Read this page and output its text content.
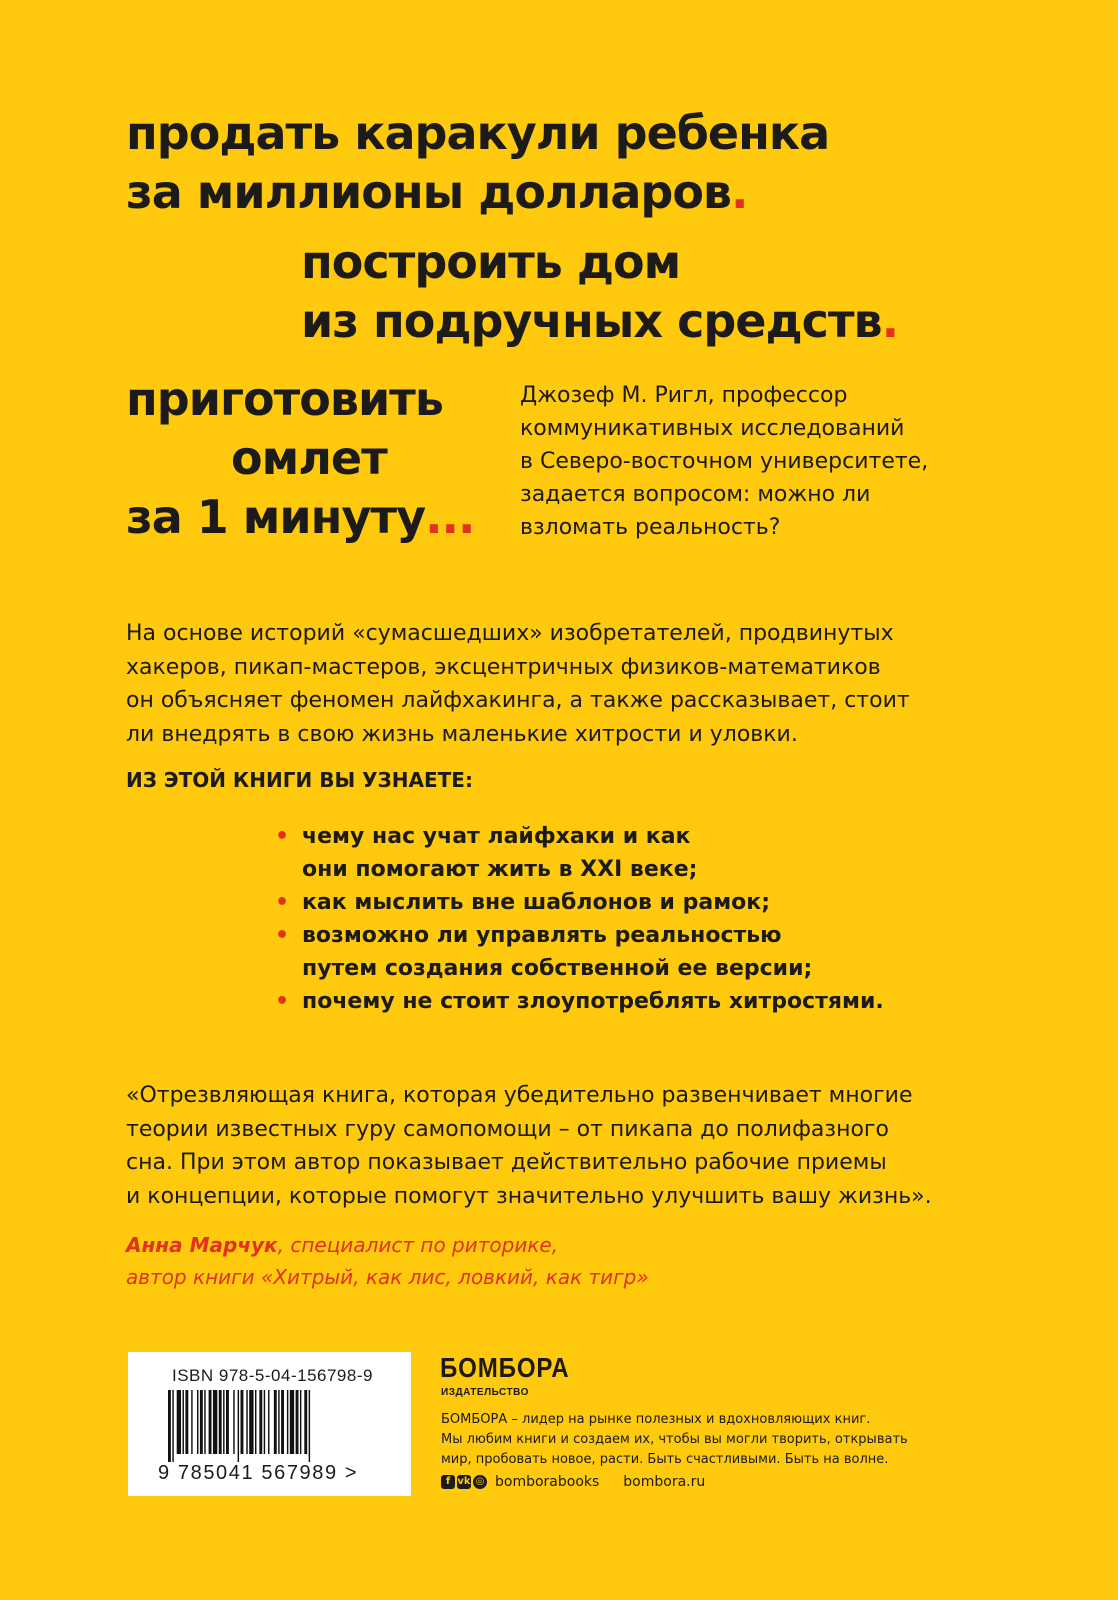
продать каракули ребенка
за миллионы долларов.
построить дом
из подручных средств.
приготовить
омлет
за 1 минуту...
Джозеф М. Ригл, профессор
коммуникативных исследований
в Северо-восточном университете,
задается вопросом: можно ли
взломать реальность?
На основе историй «сумасшедших» изобретателей, продвинутых
хакеров, пикап-мастеров, эксцентричных физиков-математиков
он объясняет феномен лайфхакинга, а также рассказывает, стоит
ли внедрять в свою жизнь маленькие хитрости и уловки.
ИЗ ЭТОЙ КНИГИ ВЫ УЗНАЕТЕ:
• чему нас учат лайфхаки и как
они помогают жить в XXI веке;
• как мыслить вне шаблонов и рамок;
• возможно ли управлять реальностью
путем создания собственной ее версии;
• почему не стоит злоупотреблять хитростями.
«Отрезвляющая книга, которая убедительно развенчивает многие
теории известных гуру самопомощи – от пикапа до полифазного
сна. При этом автор показывает действительно рабочие приемы
и концепции, которые помогут значительно улучшить вашу жизнь».
Анна Марчук, специалист по риторике,
автор книги «Хитрый, как лис, ловкий, как тигр»
ISBN 978-5-04-156798-9
9 785041 567989 >
БОМБОРА
ИЗДАТЕЛЬСТВО
БОМБОРА – лидер на рынке полезных и вдохновляющих книг.
Мы любим книги и создаем их, чтобы вы могли творить, открывать
мир, пробовать новое, расти. Быть счастливыми. Быть на волне.
f vk ◎ bomborabooks bombora.ru
